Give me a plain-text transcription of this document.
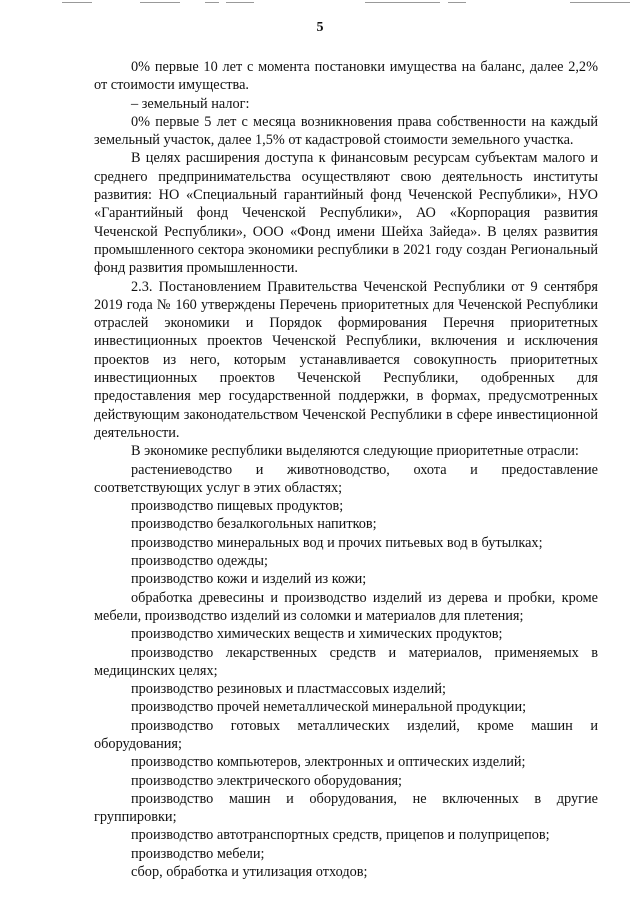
5

0% первые 10 лет с момента постановки имущества на баланс, далее 2,2% от стоимости имущества.

– земельный налог:

0% первые 5 лет с месяца возникновения права собственности на каждый земельный участок, далее 1,5% от кадастровой стоимости земельного участка.

В целях расширения доступа к финансовым ресурсам субъектам малого и среднего предпринимательства осуществляют свою деятельность институты развития: НО «Специальный гарантийный фонд Чеченской Республики», НУО «Гарантийный фонд Чеченской Республики», АО «Корпорация развития Чеченской Республики», ООО «Фонд имени Шейха Зайеда». В целях развития промышленного сектора экономики республики в 2021 году создан Региональный фонд развития промышленности.

2.3. Постановлением Правительства Чеченской Республики от 9 сентября 2019 года № 160 утверждены Перечень приоритетных для Чеченской Республики отраслей экономики и Порядок формирования Перечня приоритетных инвестиционных проектов Чеченской Республики, включения и исключения проектов из него, которым устанавливается совокупность приоритетных инвестиционных проектов Чеченской Республики, одобренных для предоставления мер государственной поддержки, в формах, предусмотренных действующим законодательством Чеченской Республики в сфере инвестиционной деятельности.

В экономике республики выделяются следующие приоритетные отрасли:

растениеводство и животноводство, охота и предоставление соответствующих услуг в этих областях;

производство пищевых продуктов;

производство безалкогольных напитков;

производство минеральных вод и прочих питьевых вод в бутылках;

производство одежды;

производство кожи и изделий из кожи;

обработка древесины и производство изделий из дерева и пробки, кроме мебели, производство изделий из соломки и материалов для плетения;

производство химических веществ и химических продуктов;

производство лекарственных средств и материалов, применяемых в медицинских целях;

производство резиновых и пластмассовых изделий;

производство прочей неметаллической минеральной продукции;

производство готовых металлических изделий, кроме машин и оборудования;

производство компьютеров, электронных и оптических изделий;

производство электрического оборудования;

производство машин и оборудования, не включенных в другие группировки;

производство автотранспортных средств, прицепов и полуприцепов;

производство мебели;

сбор, обработка и утилизация отходов;
